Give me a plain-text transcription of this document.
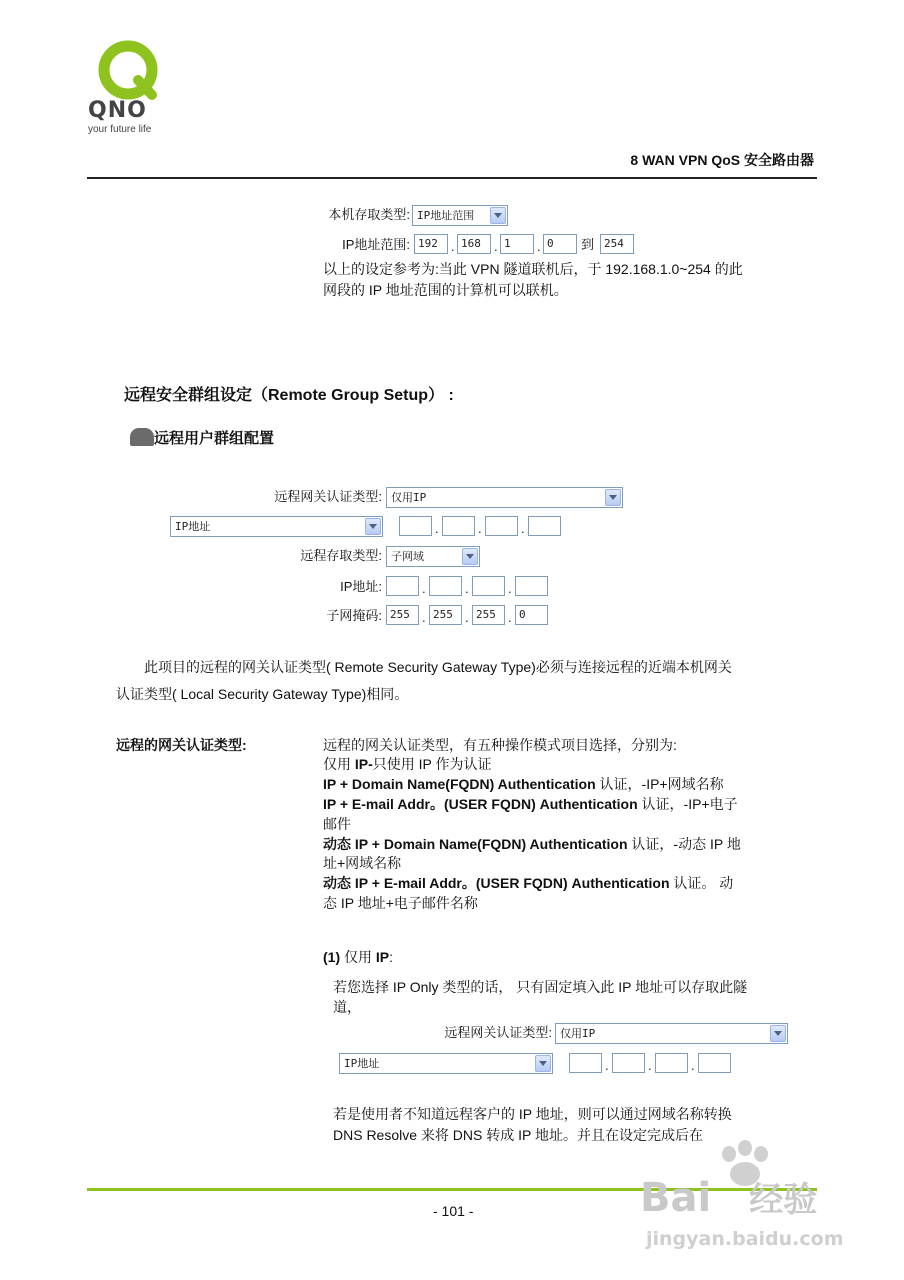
QNO
your future life
8 WAN VPN QoS 安全路由器
本机存取类型: IP地址范围
IP地址范围: 192	. 168	. 1	. 0	到 254
以上的设定参考为:当此 VPN 隧道联机后，于 192.168.1.0~254 的此
网段的 IP 地址范围的计算机可以联机。
远程安全群组设定（Remote Group Setup） :
远程用户群组配置
远程网关认证类型: 仅用IP
IP地址	.	.	.
远程存取类型: 子网域
IP地址:	.	.	.
子网掩码: 255 . 255 . 255 . 0
此项目的远程的网关认证类型( Remote Security Gateway Type)必须与连接远程的近端本机网关
认证类型( Local Security Gateway Type)相同。
远程的网关认证类型:	远程的网关认证类型，有五种操作模式项目选择，分别为:
仅用 IP-只使用 IP 作为认证
IP + Domain Name(FQDN) Authentication 认证，-IP+网域名称
IP + E-mail Addr。(USER FQDN) Authentication 认证，-IP+电子
邮件
动态 IP + Domain Name(FQDN) Authentication 认证，-动态 IP 地
址+网域名称
动态 IP + E-mail Addr。(USER FQDN) Authentication 认证。 动
态 IP 地址+电子邮件名称
(1) 仅用 IP:
若您选择 IP Only 类型的话， 只有固定填入此 IP 地址可以存取此隧
道，
远程网关认证类型: 仅用IP
IP地址	.	.	.
若是使用者不知道远程客户的 IP 地址，则可以通过网域名称转换
DNS Resolve 来将 DNS 转成 IP 地址。并且在设定完成后在
- 101 -	Bai 经验
jingyan.baidu.com
